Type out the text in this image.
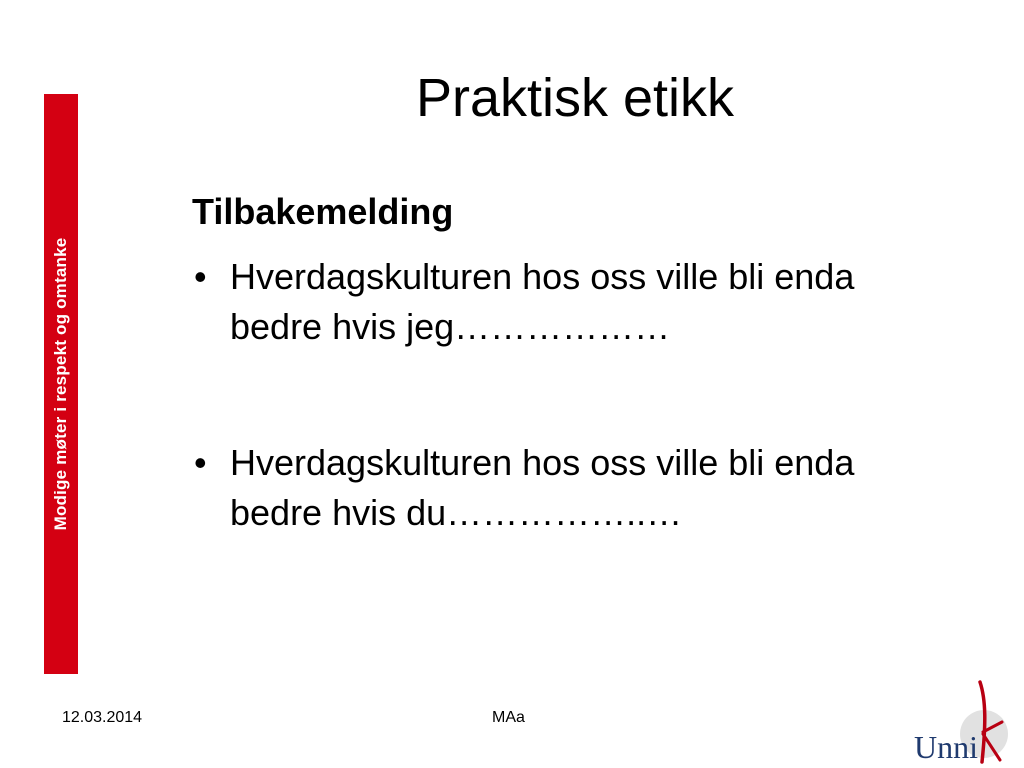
Modige møter i respekt og omtanke
Praktisk etikk
Tilbakemelding
• Hverdagskulturen hos oss ville bli enda bedre hvis jeg………………
• Hverdagskulturen hos oss ville bli enda bedre hvis du……………..…
12.03.2014	MAa
Unni
